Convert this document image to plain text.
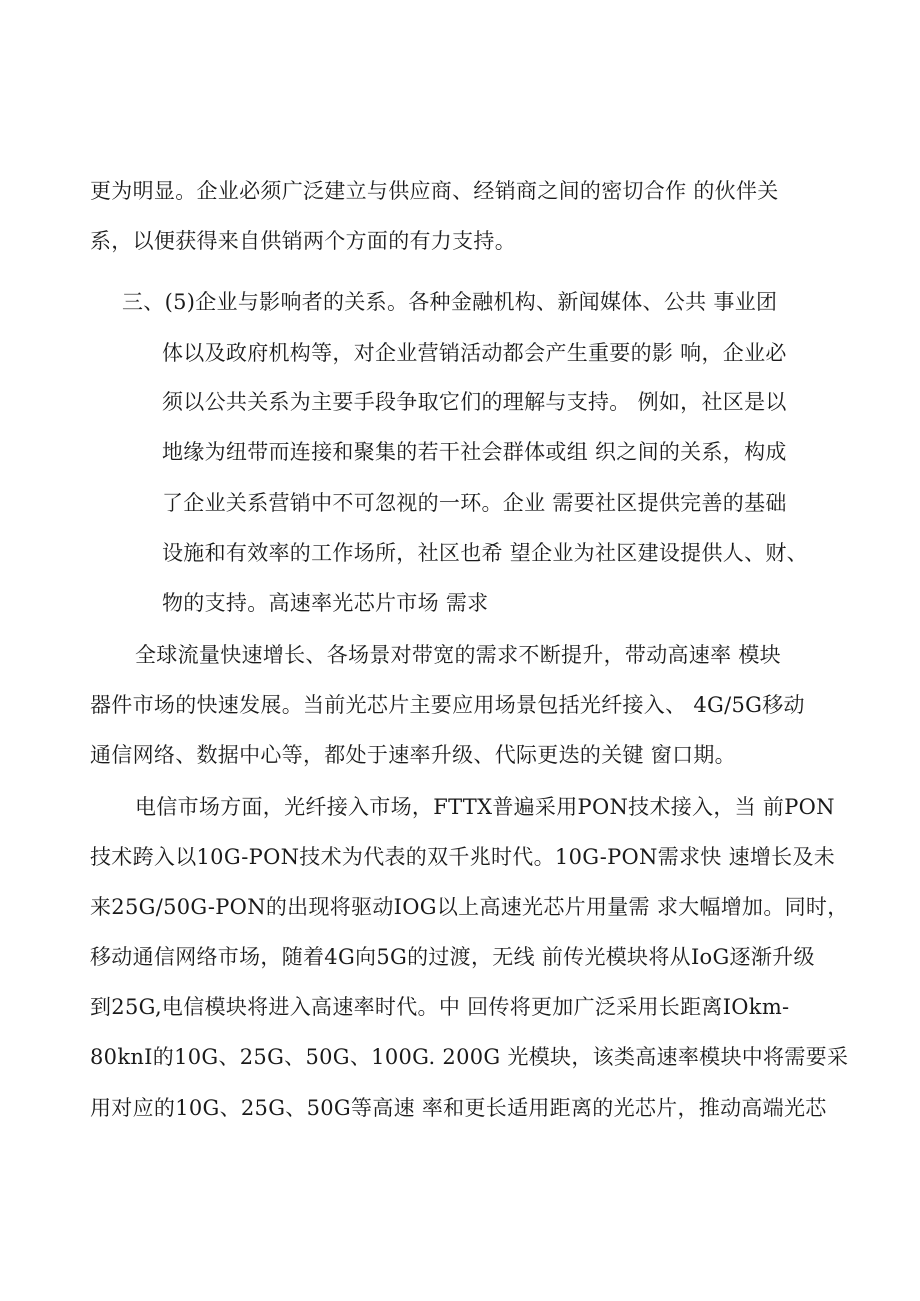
更为明显。企业必须广泛建立与供应商、经销商之间的密切合作 的伙伴关
系，以便获得来自供销两个方面的有力支持。
三、(5)企业与影响者的关系。各种金融机构、新闻媒体、公共 事业团
体以及政府机构等，对企业营销活动都会产生重要的影 响，企业必
须以公共关系为主要手段争取它们的理解与支持。 例如，社区是以
地缘为纽带而连接和聚集的若干社会群体或组 织之间的关系，构成
了企业关系营销中不可忽视的一环。企业 需要社区提供完善的基础
设施和有效率的工作场所，社区也希 望企业为社区建设提供人、财、
物的支持。高速率光芯片市场 需求
全球流量快速增长、各场景对带宽的需求不断提升，带动高速率 模块
器件市场的快速发展。当前光芯片主要应用场景包括光纤接入、 4G/5G移动
通信网络、数据中心等，都处于速率升级、代际更迭的关键 窗口期。
电信市场方面，光纤接入市场，FTTX普遍采用PON技术接入，当 前PON
技术跨入以10G-PON技术为代表的双千兆时代。10G-PON需求快 速增长及未
来25G/50G-PON的出现将驱动IOG以上高速光芯片用量需 求大幅增加。同时，
移动通信网络市场，随着4G向5G的过渡，无线 前传光模块将从IoG逐渐升级
到25G,电信模块将进入高速率时代。中 回传将更加广泛采用长距离IOkm-
80knI的10G、25G、50G、100G. 200G 光模块，该类高速率模块中将需要采
用对应的10G、25G、50G等高速 率和更长适用距离的光芯片，推动高端光芯
